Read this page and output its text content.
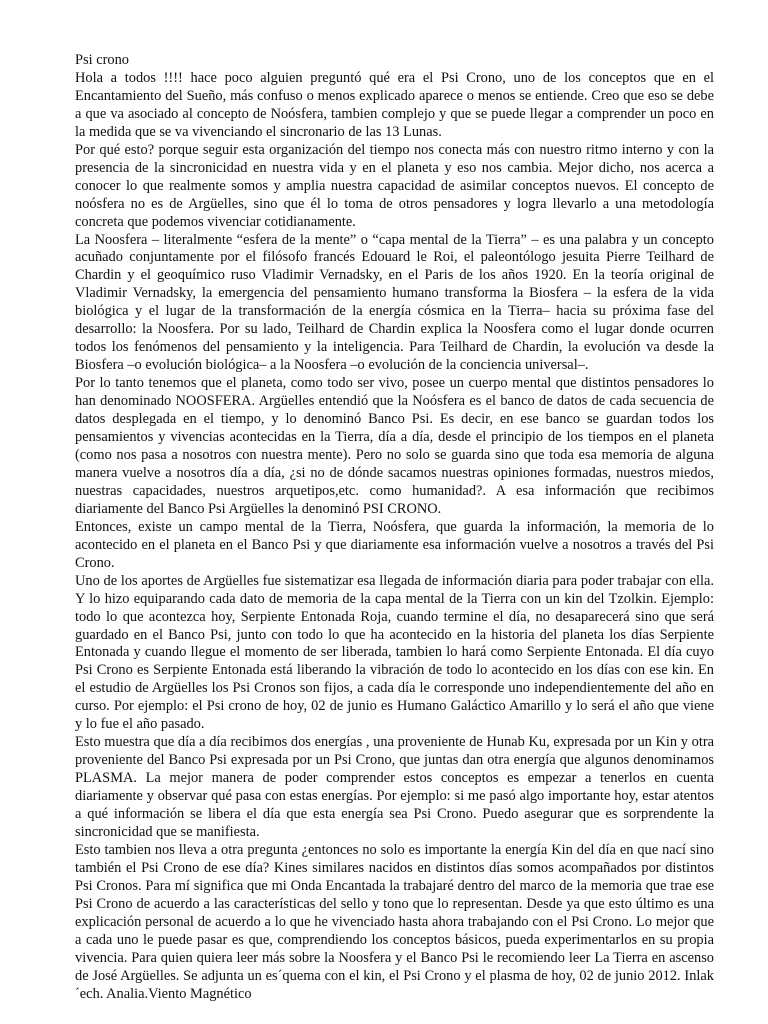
Psi crono

Hola a todos !!!! hace poco alguien preguntó qué era el Psi Crono, uno de los conceptos que en el Encantamiento del Sueño, más confuso o menos explicado aparece o menos se entiende. Creo que eso se debe a que va asociado al concepto de Noósfera, tambien complejo y que se puede llegar a comprender un poco en la medida que se va vivenciando el sincronario de las 13 Lunas.

Por qué esto? porque seguir esta organización del tiempo nos conecta más con nuestro ritmo interno y con la presencia de la sincronicidad en nuestra vida y en el planeta y eso nos cambia. Mejor dicho, nos acerca a conocer lo que realmente somos y amplia nuestra capacidad de asimilar conceptos nuevos. El concepto de noósfera no es de Argüelles, sino que él lo toma de otros pensadores y logra llevarlo a una metodología concreta que podemos vivenciar cotidianamente.

La Noosfera – literalmente “esfera de la mente” o “capa mental de la Tierra” – es una palabra y un concepto acuñado conjuntamente por el filósofo francés Edouard le Roi, el paleontólogo jesuita Pierre Teilhard de Chardin y el geoquímico ruso Vladimir Vernadsky, en el Paris de los años 1920. En la teoría original de Vladimir Vernadsky, la emergencia del pensamiento humano transforma la Biosfera – la esfera de la vida biológica y el lugar de la transformación de la energía cósmica en la Tierra– hacia su próxima fase del desarrollo: la Noosfera. Por su lado, Teilhard de Chardin explica la Noosfera como el lugar donde ocurren todos los fenómenos del pensamiento y la inteligencia. Para Teilhard de Chardin, la evolución va desde la Biosfera –o evolución biológica– a la Noosfera –o evolución de la conciencia universal–.

Por lo tanto tenemos que el planeta, como todo ser vivo, posee un cuerpo mental que distintos pensadores lo han denominado NOOSFERA. Argüelles entendió que la Noósfera es el banco de datos de cada secuencia de datos desplegada en el tiempo, y lo denominó Banco Psi. Es decir, en ese banco se guardan todos los pensamientos y vivencias acontecidas en la Tierra, día a día, desde el principio de los tiempos en el planeta (como nos pasa a nosotros con nuestra mente). Pero no solo se guarda sino que toda esa memoria de alguna manera vuelve a nosotros día a día, ¿si no de dónde sacamos nuestras opiniones formadas, nuestros miedos, nuestras capacidades, nuestros arquetipos,etc. como humanidad?. A esa información que recibimos diariamente del Banco Psi Argüelles la denominó PSI CRONO.

Entonces, existe un campo mental de la Tierra, Noósfera, que guarda la información, la memoria de lo acontecido en el planeta en el Banco Psi y que diariamente esa información vuelve a nosotros a través del Psi Crono.

Uno de los aportes de Argüelles fue sistematizar esa llegada de información diaria para poder trabajar con ella. Y lo hizo equiparando cada dato de memoria de la capa mental de la Tierra con un kin del Tzolkin. Ejemplo: todo lo que acontezca hoy, Serpiente Entonada Roja, cuando termine el día, no desaparecerá sino que será guardado en el Banco Psi, junto con todo lo que ha acontecido en la historia del planeta los días Serpiente Entonada y cuando llegue el momento de ser liberada, tambien lo hará como Serpiente Entonada. El día cuyo Psi Crono es Serpiente Entonada está liberando la vibración de todo lo acontecido en los días con ese kin. En el estudio de Argüelles los Psi Cronos son fijos, a cada día le corresponde uno independientemente del año en curso. Por ejemplo: el Psi crono de hoy, 02 de junio es Humano Galáctico Amarillo y lo será el año que viene y lo fue el año pasado.

Esto muestra que día a día recibimos dos energías , una proveniente de Hunab Ku, expresada por un Kin y otra proveniente del Banco Psi expresada por un Psi Crono, que juntas dan otra energía que algunos denominamos PLASMA. La mejor manera de poder comprender estos conceptos es empezar a tenerlos en cuenta diariamente y observar qué pasa con estas energías. Por ejemplo: si me pasó algo importante hoy, estar atentos a qué información se libera el día que esta energía sea Psi Crono. Puedo asegurar que es sorprendente la sincronicidad que se manifiesta.

Esto tambien nos lleva a otra pregunta ¿entonces no solo es importante la energía Kin del día en que nací sino también el Psi Crono de ese día? Kines similares nacidos en distintos días somos acompañados por distintos Psi Cronos. Para mí significa que mi Onda Encantada la trabajaré dentro del marco de la memoria que trae ese Psi Crono de acuerdo a las características del sello y tono que lo representan. Desde ya que esto último es una explicación personal de acuerdo a lo que he vivenciado hasta ahora trabajando con el Psi Crono. Lo mejor que a cada uno le puede pasar es que, comprendiendo los conceptos básicos, pueda experimentarlos en su propia vivencia. Para quien quiera leer más sobre la Noosfera y el Banco Psi le recomiendo leer La Tierra en ascenso de José Argüelles. Se adjunta un es´quema con el kin, el Psi Crono y el plasma de hoy, 02 de junio 2012. Inlak´ech. Analia.Viento Magnético
